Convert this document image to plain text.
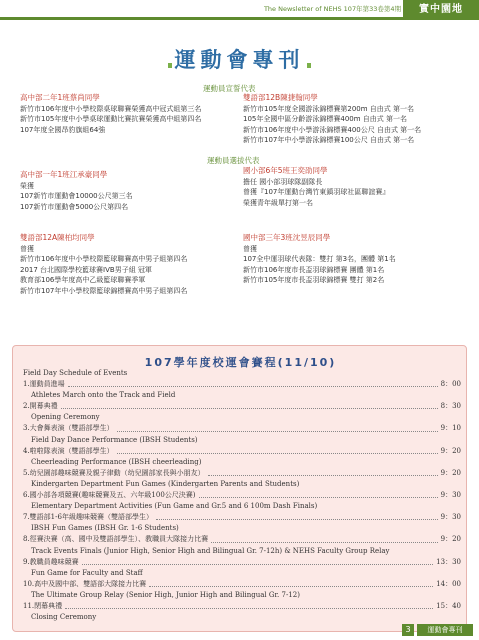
The Newsletter of NEHS 107年第33卷第4期	實中園地
運動會專刊
運動員宣誓代表
高中部二年1班蔡尚同學
新竹市106年度中小學校際桌球聯賽榮獲高中冠式組第三名
新竹市105年度中小學桌球運動比賽抗賽榮獲高中組第四名
107年度全國昂豹旗組64強
雙語部12B陳捷翰同學
新竹市105年度全國游泳錦標賽第200m 自由式 第一名
105年全國中區分齡游泳錦標賽400m 自由式 第一名
新竹市106年度中小學游泳錦標賽400公尺 自由式 第一名
新竹市107年中小學游泳錦標賽100公尺 自由式 第一名
運動員選拔代表
高中部一年1班江承豪同學
榮獲
107新竹市運動會10000公尺第三名
107新竹市運動會5000公尺第四名
國小部6年5班王奕劭同學
擔任 國小部羽球隊副隊長
曾獲『107年運動台灣竹東鎮羽球社區聯誼賽』
榮獲青年級單打第一名
雙語部12A陳柏均同學
曾獲
新竹市106年度中小學校際籃球聯賽高中男子組第四名
2017 台北國際學校籃球賽IVB男子組 冠軍
教育部106學年度高中乙級籃球聯賽季軍
新竹市107年中小學校際籃球錦標賽高中男子組第四名
國中部三年3班沈昱辰同學
曾獲
107全中運羽球代表隊：雙打 第3名，團體 第1名
新竹市106年度市長盃羽球錦標賽 團體 第1名
新竹市105年度市長盃羽球錦標賽 雙打 第2名
107學年度校運會賽程(11/10)
Field Day Schedule of Events
1.運動員進場	8：00
Athletes March onto the Track and Field
2.開幕典禮	8：30
Opening Ceremony
3.大會舞表演（雙語部學生）	9：10
Field Day Dance Performance (IBSH Students)
4.啦啦隊表演（雙語部學生）	9：20
Cheerleading Performance (IBSH cheerleading)
5.幼兒園部趣味競賽及親子律動（幼兒園部家長與小朋友）	9：20
Kindergarten Department Fun Games (Kindergarten Parents and Students)
6.國小部各項競賽(趣味競賽及五、六年級100公尺決賽)	9：30
Elementary Department Activities (Fun Game and Gr.5 and 6 100m Dash Finals)
7.雙語部1-6年級趣味競賽（雙語部學生）	9：30
IBSH Fun Games (IBSH Gr. 1-6 Students)
8.徑賽決賽（高、國中及雙語部學生）、教職員大隊接力比賽	9：20
Track Events Finals (Junior High, Senior High and Bilingual Gr. 7-12h) & NEHS Faculty Group Relay
9.教職員趣味競賽	13：30
Fun Game for Faculty and Staff
10.高中及國中部、雙語部大隊接力比賽	14：00
The Ultimate Group Relay (Senior High, Junior High and Bilingual Gr. 7-12)
11.閉幕典禮	15：40
Closing Ceremony
3	運動會專刊
